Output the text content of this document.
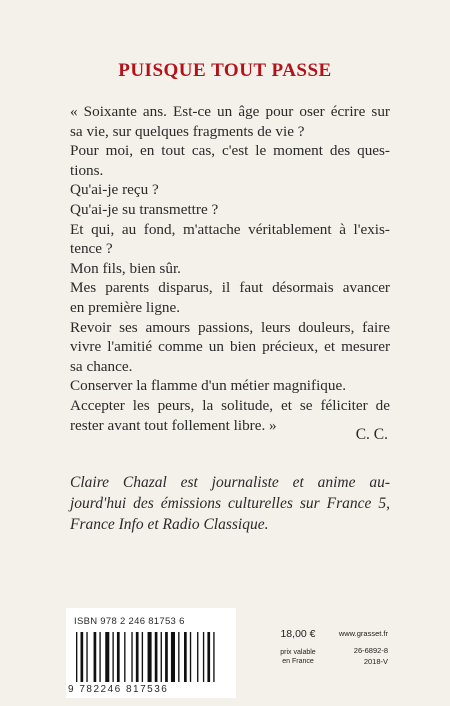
PUISQUE TOUT PASSE
« Soixante ans. Est-ce un âge pour oser écrire sur
sa vie, sur quelques fragments de vie ?
Pour moi, en tout cas, c'est le moment des ques-
tions.
Qu'ai-je reçu ?
Qu'ai-je su transmettre ?
Et qui, au fond, m'attache véritablement à l'exis-
tence ?
Mon fils, bien sûr.
Mes parents disparus, il faut désormais avancer
en première ligne.
Revoir ses amours passions, leurs douleurs, faire
vivre l'amitié comme un bien précieux, et mesurer
sa chance.
Conserver la flamme d'un métier magnifique.
Accepter les peurs, la solitude, et se féliciter de
rester avant tout follement libre. »
C. C.
Claire Chazal est journaliste et anime au-
jourd'hui des émissions culturelles sur France 5,
France Info et Radio Classique.
ISBN 978 2 246 81753 6
9 782246 817536
18,00 €
prix valable
en France
www.grasset.fr
26-6892-8
2018-V
